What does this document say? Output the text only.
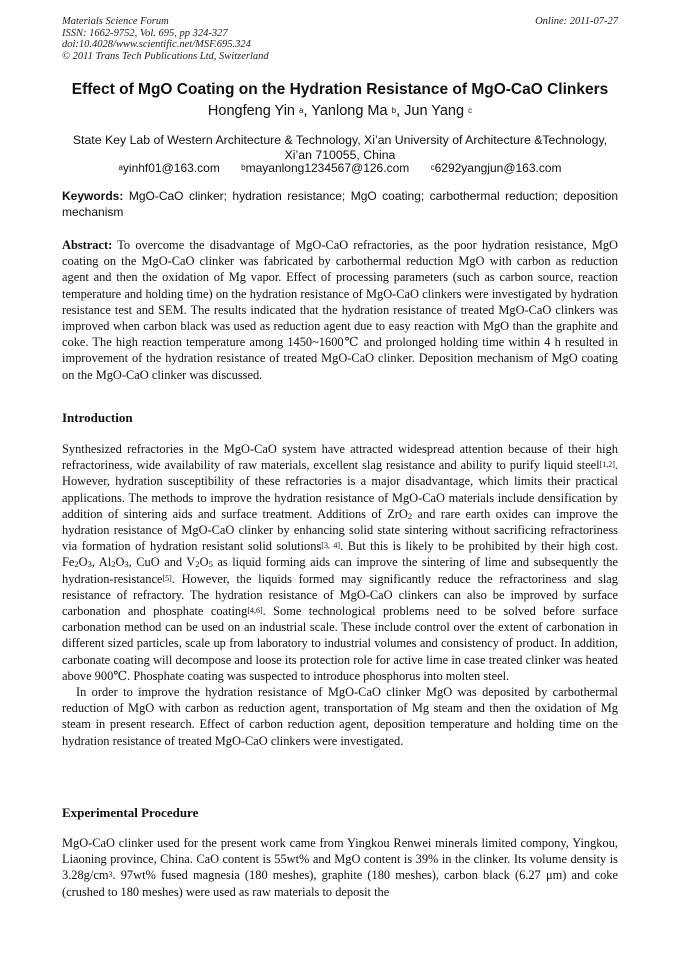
Materials Science Forum
ISSN: 1662-9752, Vol. 695, pp 324-327
doi:10.4028/www.scientific.net/MSF.695.324
© 2011 Trans Tech Publications Ltd, Switzerland
Online: 2011-07-27
Effect of MgO Coating on the Hydration Resistance of MgO-CaO Clinkers
Hongfeng Yin $^a$, Yanlong Ma $^b$, Jun Yang $^c$
State Key Lab of Western Architecture & Technology, Xi’an University of Architecture &Technology,
Xi’an 710055, China
$^a$yinhf01@163.com	$^b$mayanlong1234567@126.com	$^c$6292yangjun@163.com
Keywords: MgO-CaO clinker; hydration resistance; MgO coating; carbothermal reduction; deposition mechanism

Abstract: To overcome the disadvantage of MgO-CaO refractories, as the poor hydration resistance, MgO coating on the MgO-CaO clinker was fabricated by carbothermal reduction MgO with carbon as reduction agent and then the oxidation of Mg vapor. Effect of processing parameters (such as carbon source, reaction temperature and holding time) on the hydration resistance of MgO-CaO clinkers were investigated by hydration resistance test and SEM. The results indicated that the hydration resistance of treated MgO-CaO clinkers was improved when carbon black was used as reduction agent due to easy reaction with MgO than the graphite and coke. The high reaction temperature among 1450~1600℃ and prolonged holding time within 4 h resulted in improvement of the hydration resistance of treated MgO-CaO clinker. Deposition mechanism of MgO coating on the MgO-CaO clinker was discussed.

Introduction

Synthesized refractories in the MgO-CaO system have attracted widespread attention because of their high refractoriness, wide availability of raw materials, excellent slag resistance and ability to purify liquid steel[1,2]. However, hydration susceptibility of these refractories is a major disadvantage, which limits their practical applications. The methods to improve the hydration resistance of MgO-CaO materials include densification by addition of sintering aids and surface treatment. Additions of ZrO$_2$ and rare earth oxides can improve the hydration resistance of MgO-CaO clinker by enhancing solid state sintering without sacrificing refractoriness via formation of hydration resistant solid solutions[3, 4]. But this is likely to be prohibited by their high cost. $Fe_2O_3$, $Al_2O_3$, CuO and $V_2O_5$ as liquid forming aids can improve the sintering of lime and subsequently the hydration-resistance[5]. However, the liquids formed may significantly reduce the refractoriness and slag resistance of refractory. The hydration resistance of MgO-CaO clinkers can also be improved by surface carbonation and phosphate coating[4,6]. Some technological problems need to be solved before surface carbonation method can be used on an industrial scale. These include control over the extent of carbonation in different sized particles, scale up from laboratory to industrial volumes and consistency of product. In addition, carbonate coating will decompose and loose its protection role for active lime in case treated clinker was heated above 900℃. Phosphate coating was suspected to introduce phosphorus into molten steel.

In order to improve the hydration resistance of MgO-CaO clinker MgO was deposited by carbothermal reduction of MgO with carbon as reduction agent, transportation of Mg steam and then the oxidation of Mg steam in present research. Effect of carbon reduction agent, deposition temperature and holding time on the hydration resistance of treated MgO-CaO clinkers were investigated.

Experimental Procedure

MgO-CaO clinker used for the present work came from Yingkou Renwei minerals limited compony, Yingkou, Liaoning province, China. CaO content is 55wt% and MgO content is 39% in the clinker. Its volume density is $3.28g/cm^3$. 97wt% fused magnesia (180 meshes), graphite (180 meshes), carbon black (6.27 μm) and coke (crushed to 180 meshes) were used as raw materials to deposit the
